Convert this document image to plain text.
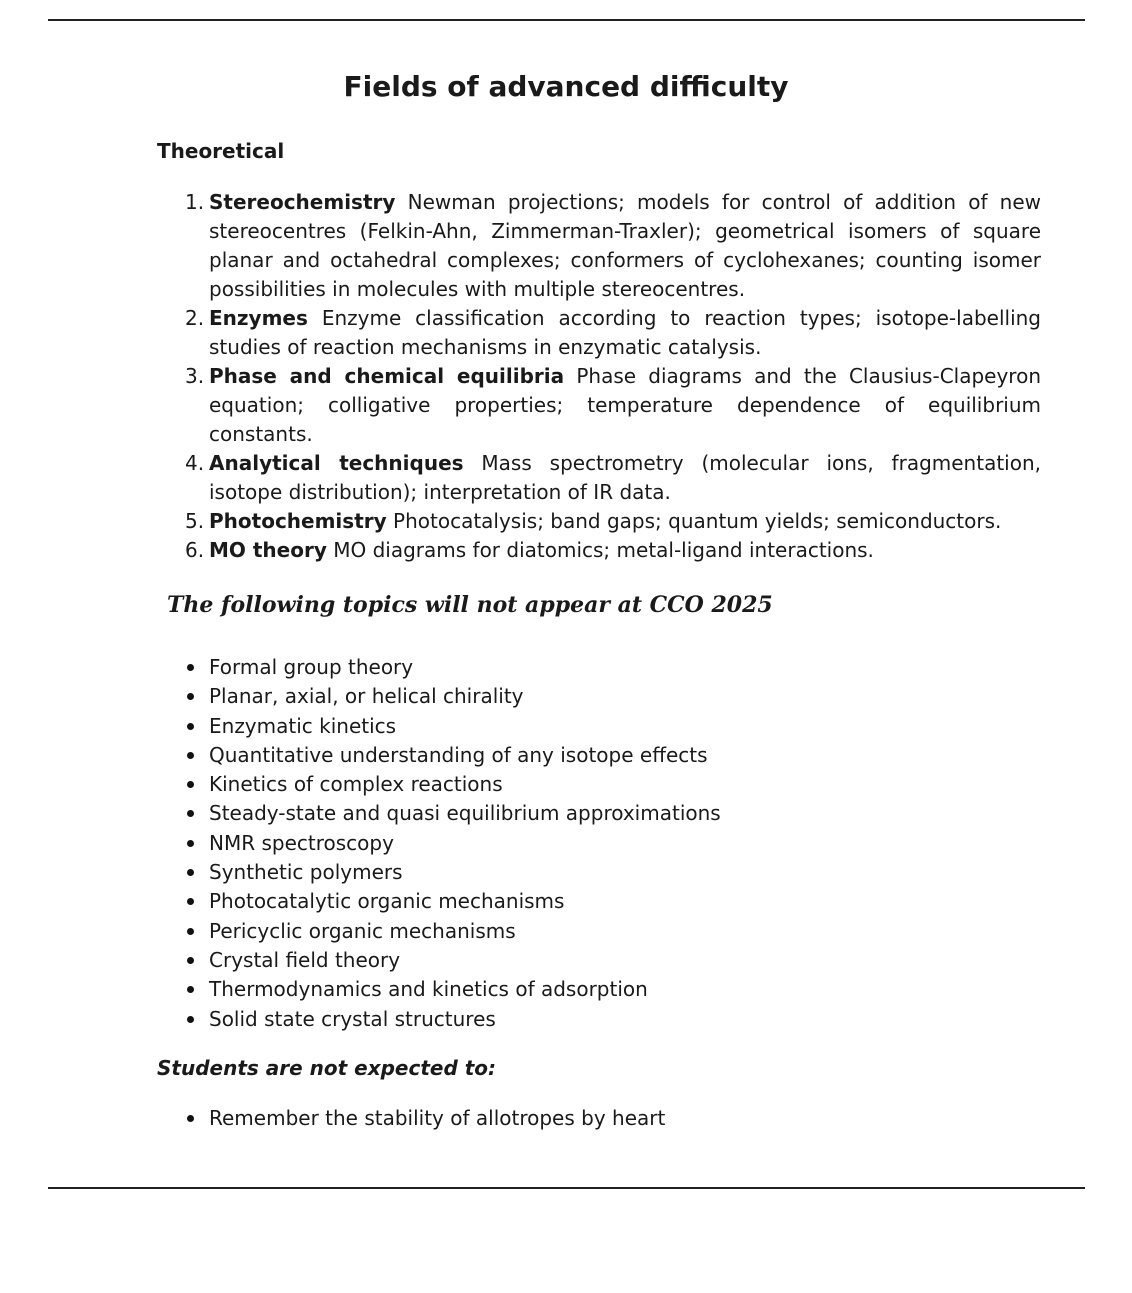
Fields of advanced difficulty
Theoretical
1. Stereochemistry Newman projections; models for control of addition of new stereocentres (Felkin-Ahn, Zimmerman-Traxler); geometrical isomers of square planar and octahedral complexes; conformers of cyclohexanes; counting isomer possibilities in molecules with multiple stereocentres.
2. Enzymes Enzyme classification according to reaction types; isotope-labelling studies of reaction mechanisms in enzymatic catalysis.
3. Phase and chemical equilibria Phase diagrams and the Clausius-Clapeyron equation; colligative properties; temperature dependence of equilibrium constants.
4. Analytical techniques Mass spectrometry (molecular ions, fragmentation, isotope distribution); interpretation of IR data.
5. Photochemistry Photocatalysis; band gaps; quantum yields; semiconductors.
6. MO theory MO diagrams for diatomics; metal-ligand interactions.
The following topics will not appear at CCO 2025
Formal group theory
Planar, axial, or helical chirality
Enzymatic kinetics
Quantitative understanding of any isotope effects
Kinetics of complex reactions
Steady-state and quasi equilibrium approximations
NMR spectroscopy
Synthetic polymers
Photocatalytic organic mechanisms
Pericyclic organic mechanisms
Crystal field theory
Thermodynamics and kinetics of adsorption
Solid state crystal structures
Students are not expected to:
Remember the stability of allotropes by heart
